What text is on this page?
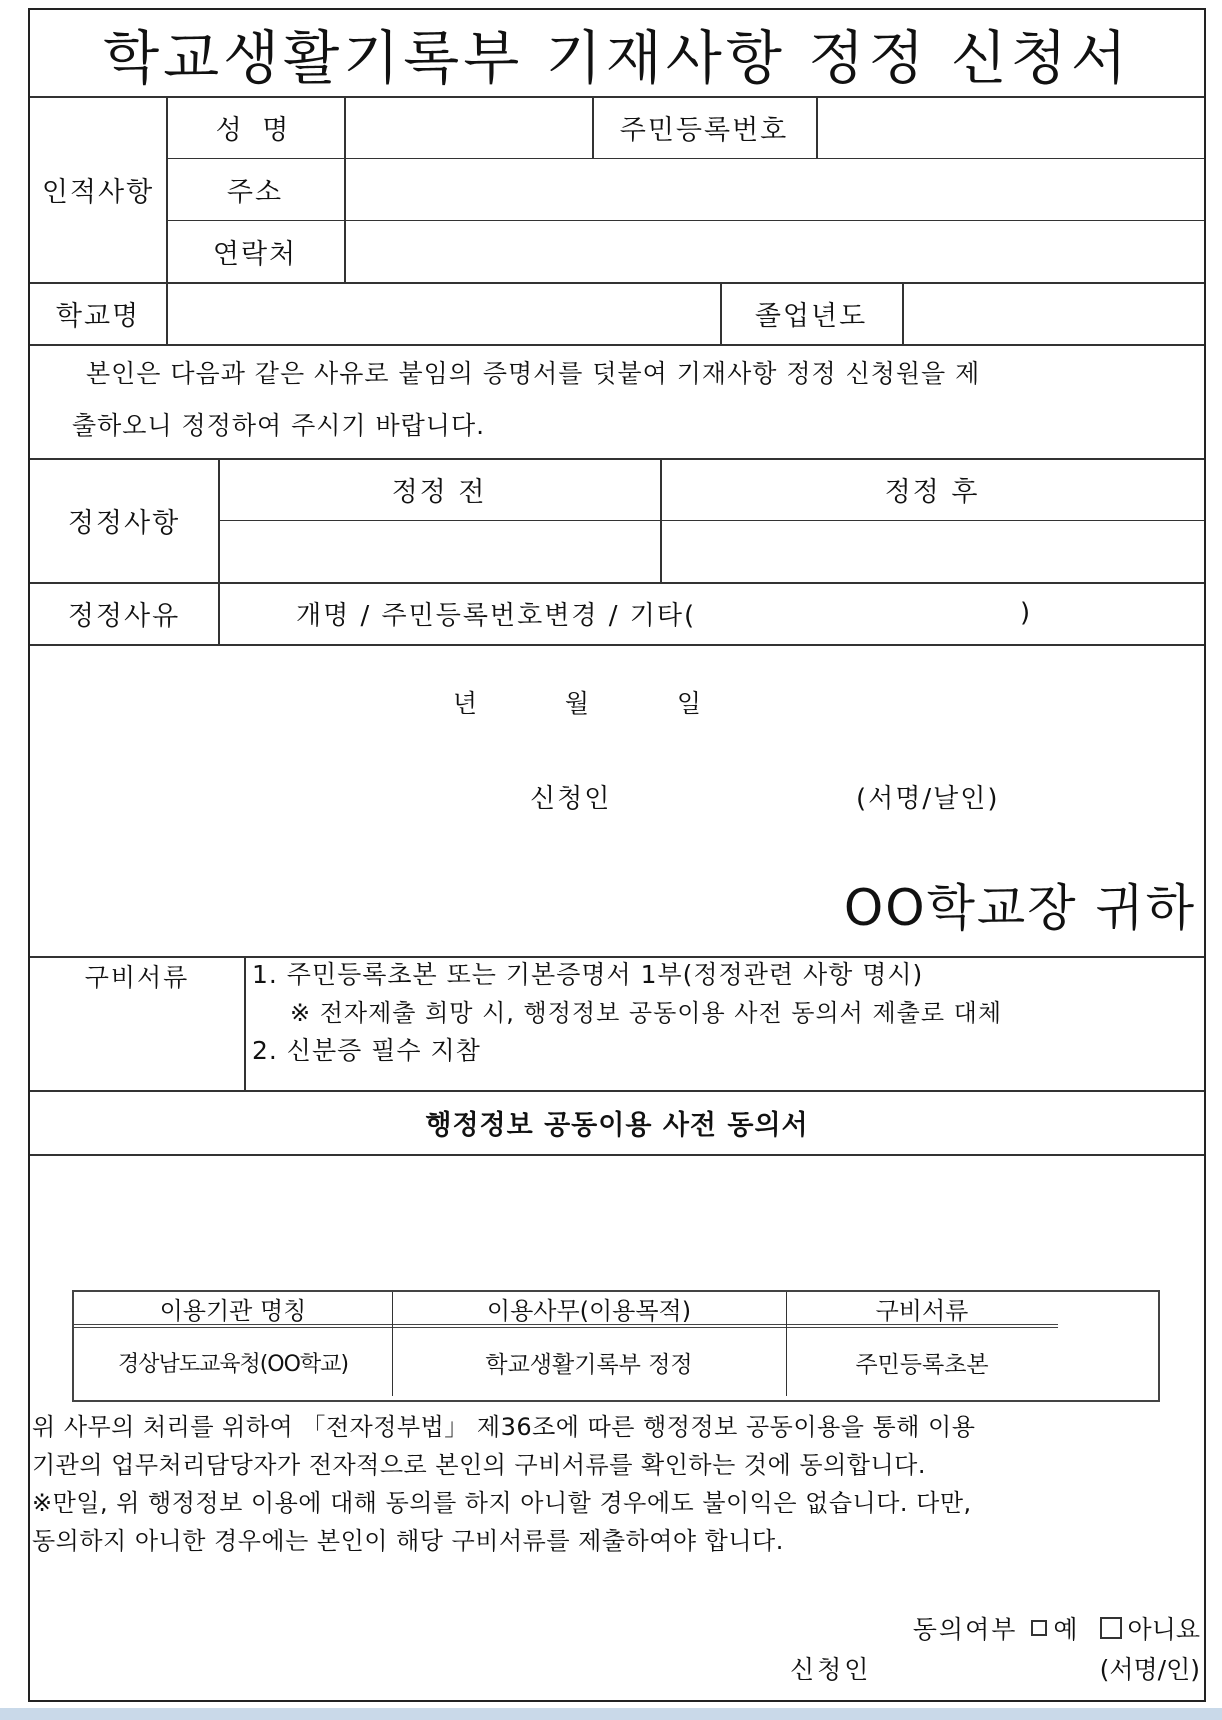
학교생활기록부 기재사항 정정 신청서
인적사항
성 명	주민등록번호
주소
연락처
학교명	졸업년도
본인은 다음과 같은 사유로 붙임의 증명서를 덧붙여 기재사항 정정 신청원을 제
출하오니 정정하여 주시기 바랍니다.
정정사항
정정 전	정정 후
정정사유	개명 / 주민등록번호변경 / 기타(	)
년	월	일
신청인	(서명/날인)
OO학교장 귀하
구비서류	1. 주민등록초본 또는 기본증명서 1부(정정관련 사항 명시)
※ 전자제출 희망 시, 행정정보 공동이용 사전 동의서 제출로 대체
2. 신분증 필수 지참
행정정보 공동이용 사전 동의서
이용기관 명칭	이용사무(이용목적)	구비서류
경상남도교육청(OO학교)	학교생활기록부 정정	주민등록초본
위 사무의 처리를 위하여 「전자정부법」 제36조에 따른 행정정보 공동이용을 통해 이용
기관의 업무처리담당자가 전자적으로 본인의 구비서류를 확인하는 것에 동의합니다.
※만일, 위 행정정보 이용에 대해 동의를 하지 아니할 경우에도 불이익은 없습니다. 다만,
동의하지 아니한 경우에는 본인이 해당 구비서류를 제출하여야 합니다.
동의여부 예 아니요
신청인	(서명/인)
